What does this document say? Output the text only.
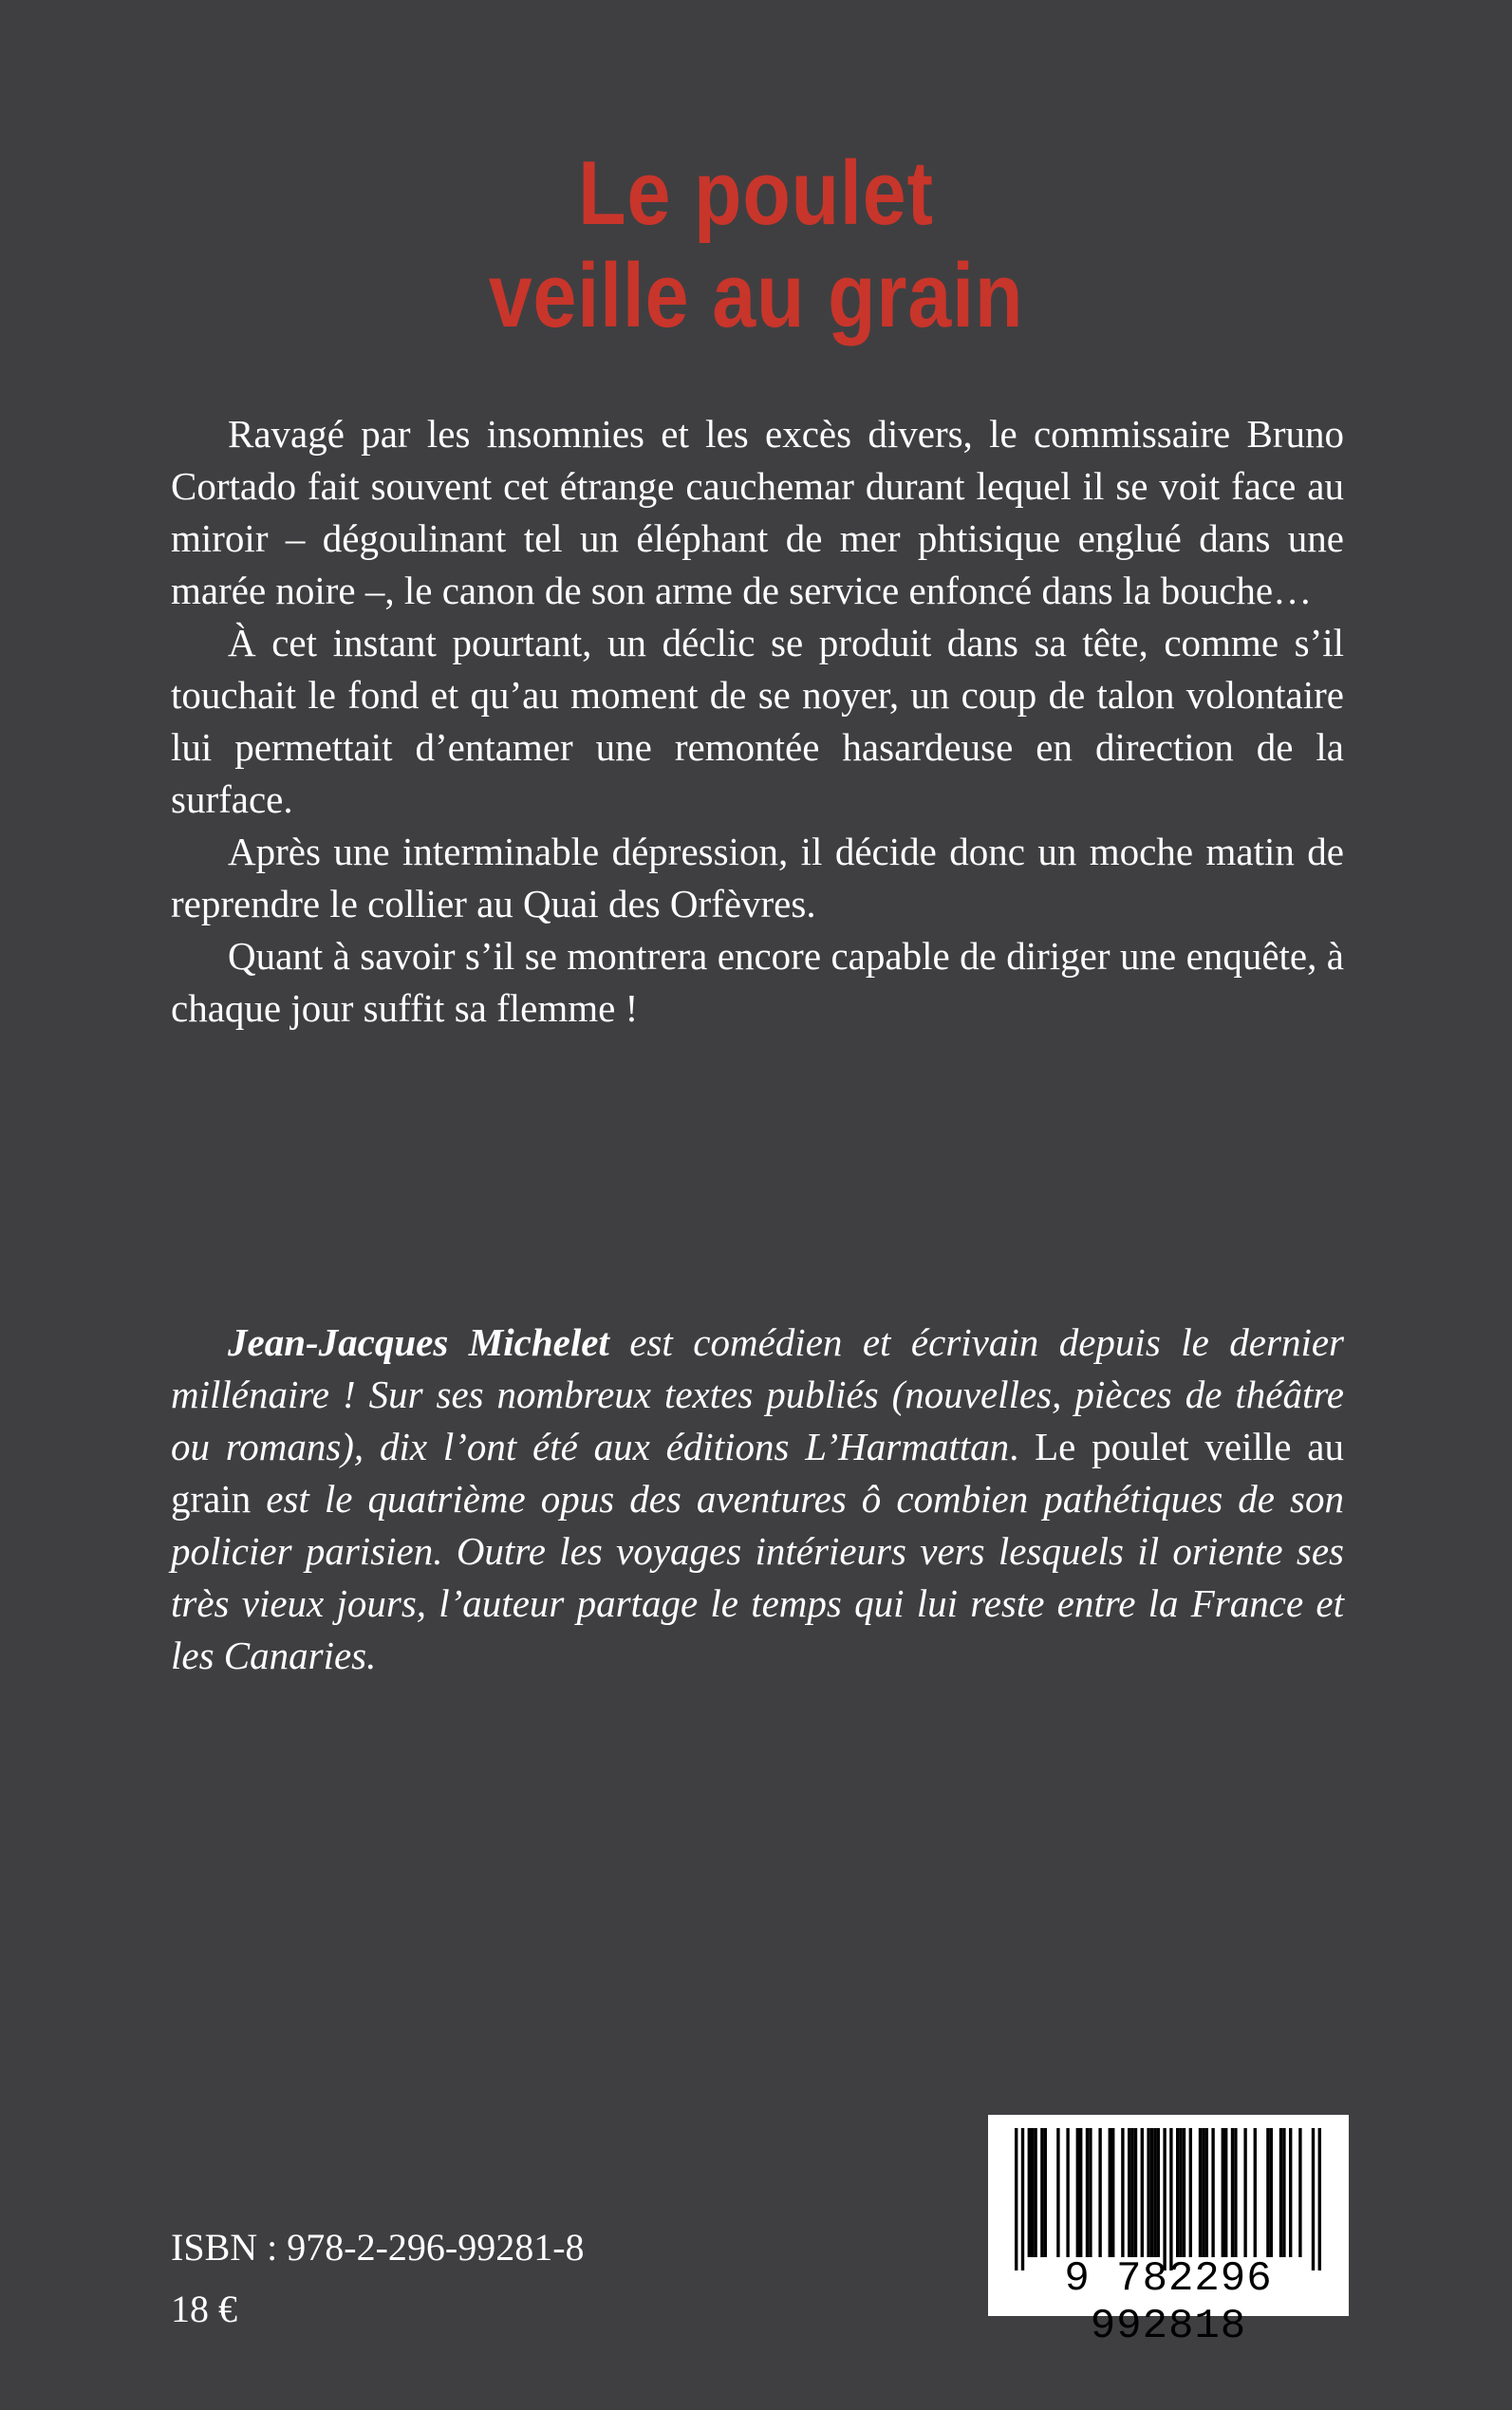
Le poulet
veille au grain

Ravagé par les insomnies et les excès divers, le commissaire Bruno Cortado fait souvent cet étrange cauchemar durant lequel il se voit face au miroir – dégoulinant tel un éléphant de mer phtisique englué dans une marée noire –, le canon de son arme de service enfoncé dans la bouche…

À cet instant pourtant, un déclic se produit dans sa tête, comme s’il touchait le fond et qu’au moment de se noyer, un coup de talon volontaire lui permettait d’entamer une remontée hasardeuse en direction de la surface.

Après une interminable dépression, il décide donc un moche matin de reprendre le collier au Quai des Orfèvres.

Quant à savoir s’il se montrera encore capable de diriger une enquête, à chaque jour suffit sa flemme !

Jean-Jacques Michelet est comédien et écrivain depuis le dernier millénaire ! Sur ses nombreux textes publiés (nouvelles, pièces de théâtre ou romans), dix l’ont été aux éditions L’Harmattan. Le poulet veille au grain est le quatrième opus des aventures ô combien pathétiques de son policier parisien. Outre les voyages intérieurs vers lesquels il oriente ses très vieux jours, l’auteur partage le temps qui lui reste entre la France et les Canaries.

ISBN : 978-2-296-99281-8
18 €
9 782296 992818
